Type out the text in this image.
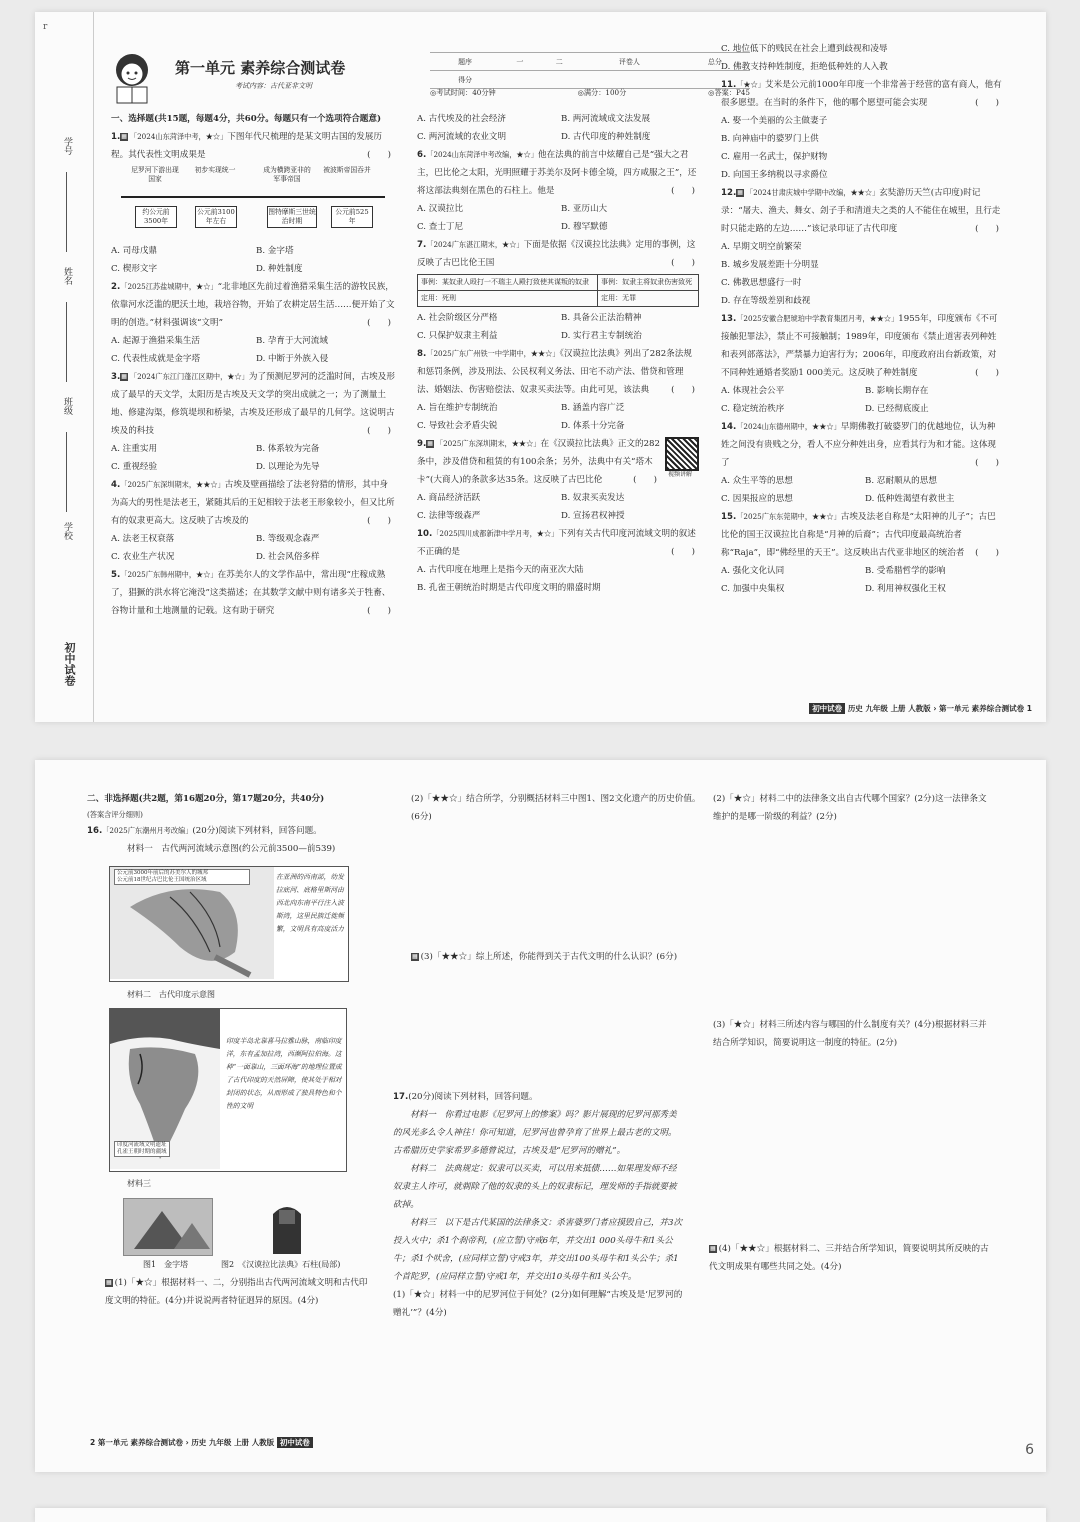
r
学号
姓名
班级
学校
初中试卷
第一单元 素养综合测试卷
考试内容：古代亚非文明
题序	一	二	评卷人	总分
得分				
◎考试时间：40分钟	◎满分：100分	◎答案：P45

一、选择题(共15题，每题4分，共60分。每题只有一个选项符合题意)

1.▦ 「2024山东菏泽中考，★☆」下图年代尺梳理的是某文明古国的发展历程。其代表性文明成果是	(　　)

尼罗河下游出现国家
初步实现统一	成为横跨亚非的军事帝国
被波斯帝国吞并
约公元前3500年
公元前3100年左右
图特摩斯三世统治时期
公元前525年
A. 司母戊鼎	B. 金字塔
C. 楔形文字	D. 种姓制度

2.「2025江苏盐城期中，★☆」“北非地区先前过着渔猎采集生活的游牧民族，依靠河水泛滥的肥沃土地，栽培谷物，开始了农耕定居生活……便开始了文明的创造。”材料强调该“文明”	(　　)

A. 起源于渔猎采集生活	B. 孕育于大河流域
C. 代表性成就是金字塔	D. 中断于外族入侵

3.▦ 「2024广东江门蓬江区期中，★☆」为了预测尼罗河的泛滥时间，古埃及形成了最早的天文学，太阳历是古埃及天文学的突出成就之一；为了测量土地、修建沟渠，修筑堤坝和桥梁，古埃及还形成了最早的几何学。这说明古埃及的科技	(　　)

A. 注重实用	B. 体系较为完备
C. 重视经验	D. 以理论为先导

4.「2025广东深圳期末，★★☆」古埃及壁画描绘了法老狩猎的情形，其中身为高大的男性是法老王，紧随其后的王妃相较于法老王形象较小，但又比所有的奴隶更高大。这反映了古埃及的	(　　)

A. 法老王权衰落	B. 等级观念森严
C. 农业生产状况	D. 社会风俗多样

5.「2025广东韩州期中，★☆」在苏美尔人的文学作品中，常出现“庄稼成熟了，猖獗的洪水将它淹没”这类描述；在其数学文献中则有诸多关于牲畜、谷物计量和土地测量的记载。这有助于研究	(　　)

A. 古代埃及的社会经济	B. 两河流域成文法发展
C. 两河流域的农业文明	D. 古代印度的种姓制度

6.「2024山东菏泽中考改编，★☆」他在法典的前言中炫耀自己是“强大之君主，巴比伦之太阳，光明照耀于苏美尔及阿卡德全境，四方咸服之王”，还将这部法典刻在黑色的石柱上。他是	(　　)

A. 汉谟拉比	B. 亚历山大
C. 查士丁尼	D. 穆罕默德

7.「2024广东湛江期末，★☆」下面是依据《汉谟拉比法典》定用的事例，这反映了古巴比伦王国	(　　)

事例：某奴隶人殴打一不瑞主人殿打致使其谋叛的奴隶	事例：奴隶主将奴隶伤害致死
定用：死刑	定用：无罪
A. 社会阶级区分严格	B. 具备公正法治精神
C. 只保护奴隶主利益	D. 实行君主专制统治

8.「2025广东广州铁一中学期中，★★☆」《汉谟拉比法典》列出了282条法规和惩罚条例，涉及刑法、公民权利义务法、田宅不动产法、借贷和管理法、婚姻法、伤害赔偿法、奴隶买卖法等。由此可见，该法典	(　　)

A. 旨在维护专制统治	B. 涵盖内容广泛
C. 导致社会矛盾尖锐	D. 体系十分完备
视频讲解

9.▦ 「2025广东深圳期末，★★☆」在《汉谟拉比法典》正文的282条中，涉及借贷和租赁的有100余条；另外，法典中有关“塔木卡”(大商人)的条款多达35条。这反映了古巴比伦	(　　)

A. 商品经济活跃	B. 奴隶买卖发达
C. 法律等级森严	D. 宣扬君权神授

10.「2025四川成都新津中学月考，★☆」下列有关古代印度河流域文明的叙述不正确的是	(　　)

A. 古代印度在地理上是指今天的南亚次大陆
B. 孔雀王朝统治时期是古代印度文明的鼎盛时期
C. 地位低下的贱民在社会上遭到歧视和凌辱
D. 佛教支持种姓制度，拒绝低种姓的人入教

11.「★☆」艾米是公元前1000年印度一个非常善于经营的富有商人，他有很多愿望。在当时的条件下，他的哪个愿望可能会实现	(　　)

A. 娶一个美丽的公主做妻子
B. 向神庙中的婆罗门上供
C. 雇用一名武士，保护财物
D. 向国王多纳税以寻求爵位

12.▦ 「2024甘肃庆城中学期中改编，★★☆」玄奘游历天竺(古印度)时记录：“屠夫、渔夫、舞女、刽子手和清道夫之类的人不能住在城里，且行走时只能走路的左边……”该记录印证了古代印度	(　　)

A. 早期文明空前繁荣
B. 城乡发展差距十分明显
C. 佛教思想盛行一时
D. 存在等级差别和歧视

13.「2025安徽合肥琥珀中学教育集团月考，★★☆」1955年，印度颁布《不可接触犯罪法》，禁止不可接触制；1989年，印度颁布《禁止道害表列种姓和表列部落法》，严禁暴力迫害行为；2006年，印度政府出台新政策，对不同种姓通婚者奖励1 000美元。这反映了种姓制度	(　　)

A. 体现社会公平	B. 影响长期存在
C. 稳定统治秩序	D. 已经彻底废止

14.「2024山东德州期中，★★☆」早期佛教打破婆罗门的优越地位，认为种姓之间没有贵贱之分，看人不应分种姓出身，应看其行为和才能。这体现了	(　　)

A. 众生平等的思想	B. 忍耐顺从的思想
C. 因果报应的思想	D. 低种姓渴望有救世主

15.「2025广东东莞期中，★★☆」古埃及法老自称是“太阳神的儿子”；古巴比伦的国王汉谟拉比自称是“月神的后裔”；古代印度最高统治者称“Raja”，即“佛经里的天王”。这反映出古代亚非地区的统治者 (　　)

A. 强化文化认同	B. 受希腊哲学的影响
C. 加强中央集权	D. 利用神权强化王权
初中试卷 历史 九年级 上册 人教版 › 第一单元 素养综合测试卷 1

二、非选择题(共2题，第16题20分，第17题20分，共40分)

(答案含评分细则)

16.「2025广东潮州月考改编」(20分)阅读下列材料，回答问题。

材料一　古代两河流域示意图(约公元前3500—前539)

公元前3000年前后的苏美尔人的城邦
公元前18世纪古巴比伦王国统治区域	在亚洲的西南部，幼发拉底河、底格里斯河由西北向东南平行注入波斯湾，这里民族迁徙频繁，文明具有高度活力
材料二　古代印度示意图
印度河流域文明遗址
孔雀王朝时期的疆域
印度半岛北靠喜马拉雅山脉，南临印度洋，东有孟加拉湾，西濒阿拉伯海。这种“一面靠山，三面环海”的地理位置成了古代印度的天然屏障，使其处于相对封闭的状态，从而形成了独具特色和个性的文明
材料三
图1　金字塔	图2　《汉谟拉比法典》石柱(局部)
▦ (1)「★☆」根据材料一、二，分别指出古代两河流域文明和古代印度文明的特征。(4分)并说说两者特征迥异的原因。(4分)
(2)「★★☆」结合所学，分别概括材料三中图1、图2文化遗产的历史价值。(6分)
▦ (3)「★★☆」综上所述，你能得到关于古代文明的什么认识？(6分)

17.(20分)阅读下列材料，回答问题。

材料一　你看过电影《尼罗河上的惨案》吗？影片展现的尼罗河那秀美的风光多么令人神往！你可知道，尼罗河也曾孕育了世界上最古老的文明。古希腊历史学家希罗多德曾说过，古埃及是“尼罗河的赠礼”。

材料二　法典规定：奴隶可以买卖，可以用来抵债……如果理发师不经奴隶主人许可，就剃除了他的奴隶的头上的奴隶标记，理发师的手指就要被砍掉。

材料三　以下是古代某国的法律条文：杀害婆罗门者应摸毁自己，并3次投入火中；杀1个刹帝利，(应立誓)守戒6年，并交出1 000头母牛和1头公牛；杀1个吠舍，(应同样立誓)守戒3年，并交出100头母牛和1头公牛；杀1个首陀罗，(应同样立誓)守戒1年，并交出10头母牛和1头公牛。

(1)「★☆」材料一中的尼罗河位于何处？(2分)如何理解“古埃及是‘尼罗河的赠礼’”？(4分)

(2)「★☆」材料二中的法律条文出自古代哪个国家？(2分)这一法律条文维护的是哪一阶级的利益？(2分)
(3)「★☆」材料三所述内容与哪国的什么制度有关？(4分)根据材料三并结合所学知识，简要说明这一制度的特征。(2分)
▦ (4)「★★☆」根据材料二、三并结合所学知识，简要说明其所反映的古代文明成果有哪些共同之处。(4分)
2 第一单元 素养综合测试卷 › 历史 九年级 上册 人教版 初中试卷	6
